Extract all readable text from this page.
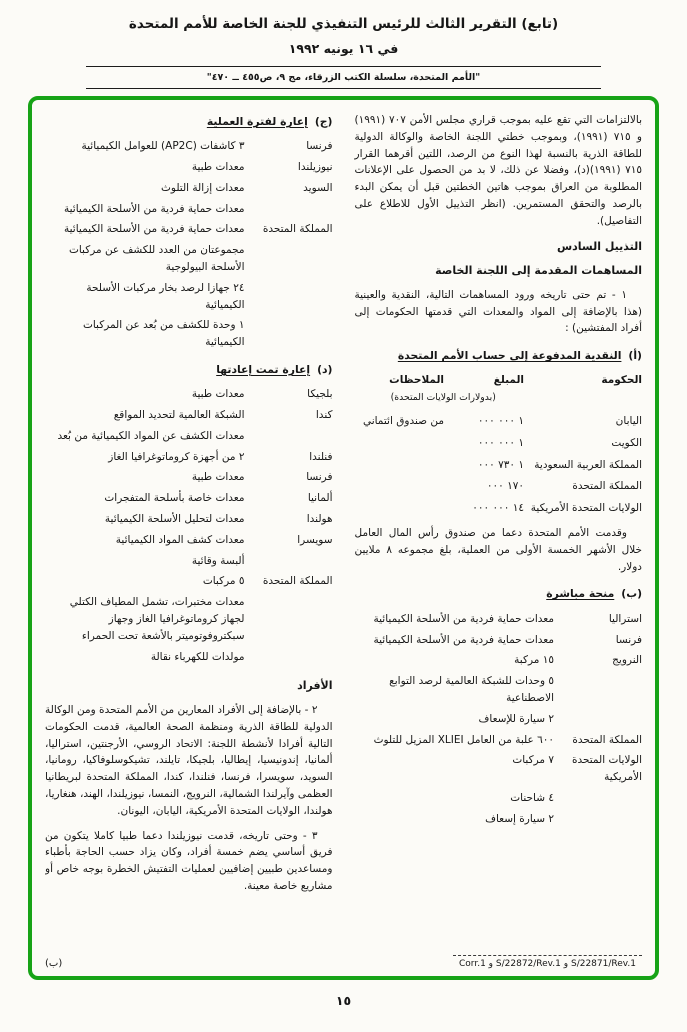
(تابع) التقرير الثالث للرئيس التنفيذي للجنة الخاصة للأمم المتحدة
في ١٦ يونيه ١٩٩٢
"الأمم المتحدة، سلسلة الكتب الزرقاء، مج ٩، ص٤٥٥ ــ ٤٧٠"

بالالتزامات التي تقع عليه بموجب قراري مجلس الأمن ٧٠٧ (١٩٩١) و ٧١٥ (١٩٩١)، وبموجب خطتي اللجنة الخاصة والوكالة الدولية للطاقة الذرية بالنسبة لهذا النوع من الرصد، اللتين أقرهما القرار ٧١٥ (١٩٩١)(د)، وفضلا عن ذلك، لا بد من الحصول على الإعلانات المطلوبة من العراق بموجب هاتين الخطتين قبل أن يمكن البدء بالرصد والتحقق المستمرين. (انظر التذييل الأول للاطلاع على التفاصيل).

التذييل السادس
المساهمات المقدمة إلى اللجنة الخاصة

١ - تم حتى تاريخه ورود المساهمات التالية، النقدية والعينية (هذا بالإضافة إلى المواد والمعدات التي قدمتها الحكومات إلى أفراد المفتشين) :

(أ)النقدية المدفوعة إلى حساب الأمم المتحدة
الحكومة
المبلغ
الملاحظات
(بدولارات الولايات المتحدة)
اليابان
١ ٠٠٠ ٠٠٠
من صندوق ائتماني
الكويت
١ ٠٠٠ ٠٠٠
المملكة العربية السعودية
١ ٧٣٠ ٠٠٠
المملكة المتحدة
١٧٠ ٠٠٠
الولايات المتحدة الأمريكية
١٤ ٠٠٠ ٠٠٠

وقدمت الأمم المتحدة دعما من صندوق رأس المال العامل خلال الأشهر الخمسة الأولى من العملية، بلغ مجموعه ٨ ملايين دولار.

(ب)منحة مباشرة
استراليا
معدات حماية فردية من الأسلحة الكيميائية
فرنسا
معدات حماية فردية من الأسلحة الكيميائية
النرويج
١٥ مركبة
٥ وحدات للشبكة العالمية لرصد التوابع الاصطناعية
٢ سيارة للإسعاف
المملكة المتحدة
٦٠٠ علبة من العامل XLIEI المزيل للتلوث
الولايات المتحدة الأمريكية
٧ مركبات
٤ شاحنات
٢ سيارة إسعاف
(ج)إعارة لفترة العملية
فرنسا
٣ كاشفات (AP2C) للعوامل الكيميائية
نيوزيلندا
معدات طبية
السويد
معدات إزالة التلوث
معدات حماية فردية من الأسلحة الكيميائية
المملكة المتحدة
معدات حماية فردية من الأسلحة الكيميائية
مجموعتان من العدد للكشف عن مركبات الأسلحة البيولوجية
٢٤ جهازا لرصد بخار مركبات الأسلحة الكيميائية
١ وحدة للكشف من بُعد عن المركبات الكيميائية
(د)إعارة تمت إعادتها
بلجيكا
معدات طبية
كندا
الشبكة العالمية لتحديد المواقع
معدات الكشف عن المواد الكيميائية من بُعد
فنلندا
٢ من أجهزة كروماتوغرافيا الغاز
فرنسا
معدات طبية
ألمانيا
معدات خاصة بأسلحة المتفجرات
هولندا
معدات لتحليل الأسلحة الكيميائية
سويسرا
معدات كشف المواد الكيميائية
ألبسة وقائية
المملكة المتحدة
٥ مركبات
معدات مختبرات، تشمل المطياف الكتلي لجهاز كروماتوغرافيا الغاز وجهاز سبكتروفوتوميتر بالأشعة تحت الحمراء
مولدات للكهرباء نقالة
الأفراد

٢ - بالإضافة إلى الأفراد المعارين من الأمم المتحدة ومن الوكالة الدولية للطاقة الذرية ومنظمة الصحة العالمية، قدمت الحكومات التالية أفرادا لأنشطة اللجنة: الاتحاد الروسي، الأرجنتين، استراليا، ألمانيا، إندونيسيا، إيطاليا، بلجيكا، تايلند، تشيكوسلوفاكيا، رومانيا، السويد، سويسرا، فرنسا، فنلندا، كندا، المملكة المتحدة لبريطانيا العظمى وآيرلندا الشمالية، النرويج، النمسا، نيوزيلندا، الهند، هنغاريا، هولندا، الولايات المتحدة الأمريكية، اليابان، اليونان.

٣ - وحتى تاريخه، قدمت نيوزيلندا دعما طبيا كاملا يتكون من فريق أساسي يضم خمسة أفراد، وكان يزاد حسب الحاجة بأطباء ومساعدين طبيين إضافيين لعمليات التفتيش الخطرة بوجه خاص أو مشاريع خاصة معينة.

S/22871/Rev.1 و S/22872/Rev.1 و Corr.1
(ب)
١٥
